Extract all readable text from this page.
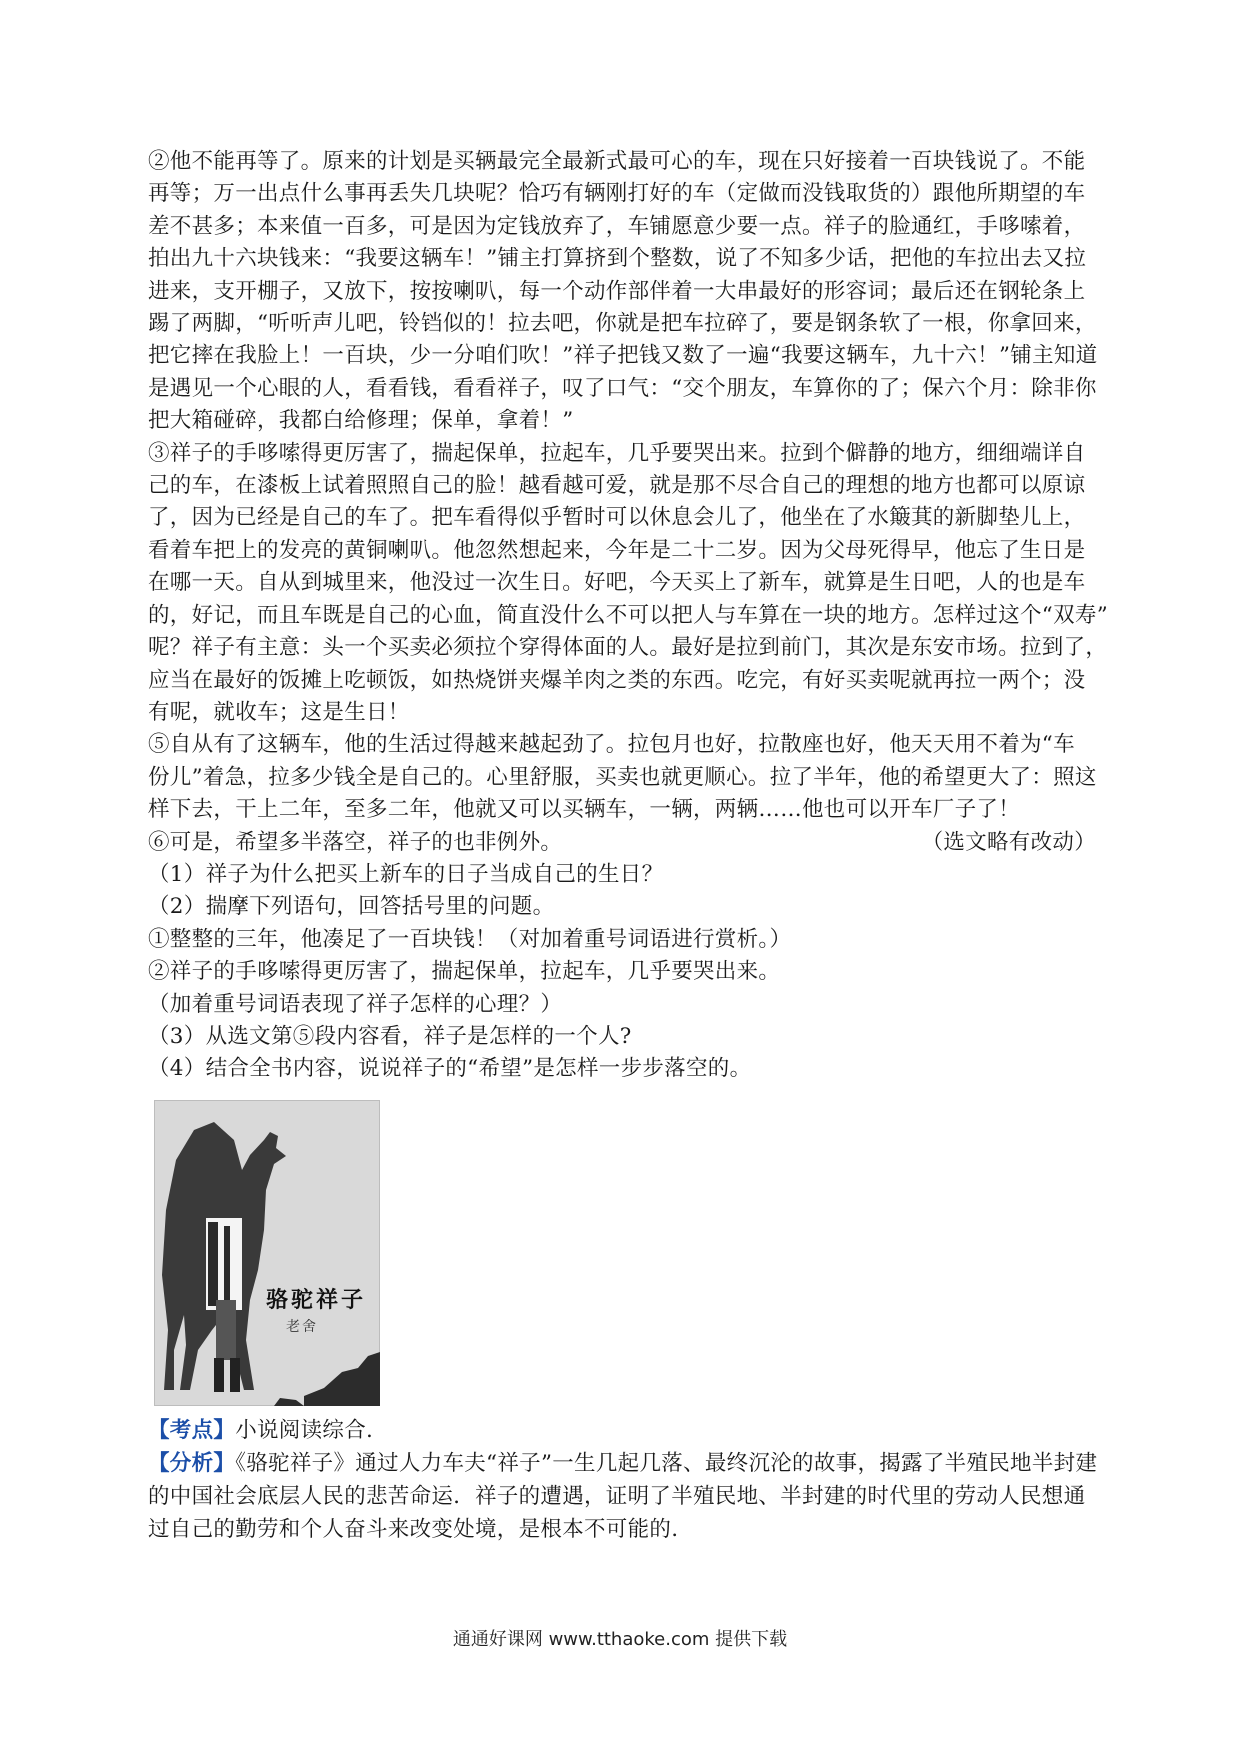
②他不能再等了。原来的计划是买辆最完全最新式最可心的车，现在只好接着一百块钱说了。不能

再等；万一出点什么事再丢失几块呢？恰巧有辆刚打好的车（定做而没钱取货的）跟他所期望的车

差不甚多；本来值一百多，可是因为定钱放弃了，车铺愿意少要一点。祥子的脸通红，手哆嗦着，

拍出九十六块钱来：“我要这辆车！”铺主打算挤到个整数，说了不知多少话，把他的车拉出去又拉

进来，支开棚子，又放下，按按喇叭，每一个动作部伴着一大串最好的形容词；最后还在钢轮条上

踢了两脚，“听听声儿吧，铃铛似的！拉去吧，你就是把车拉碎了，要是钢条软了一根，你拿回来，

把它摔在我脸上！一百块，少一分咱们吹！”祥子把钱又数了一遍“我要这辆车，九十六！”铺主知道

是遇见一个心眼的人，看看钱，看看祥子，叹了口气：“交个朋友，车算你的了；保六个月：除非你

把大箱碰碎，我都白给修理；保单，拿着！”

③祥子的手哆嗦得更厉害了，揣起保单，拉起车，几乎要哭出来。拉到个僻静的地方，细细端详自

己的车，在漆板上试着照照自己的脸！越看越可爱，就是那不尽合自己的理想的地方也都可以原谅

了，因为已经是自己的车了。把车看得似乎暂时可以休息会儿了，他坐在了水簸萁的新脚垫儿上，

看着车把上的发亮的黄铜喇叭。他忽然想起来，今年是二十二岁。因为父母死得早，他忘了生日是

在哪一天。自从到城里来，他没过一次生日。好吧，今天买上了新车，就算是生日吧，人的也是车

的，好记，而且车既是自己的心血，简直没什么不可以把人与车算在一块的地方。怎样过这个“双寿”

呢？祥子有主意：头一个买卖必须拉个穿得体面的人。最好是拉到前门，其次是东安市场。拉到了，

应当在最好的饭摊上吃顿饭，如热烧饼夹爆羊肉之类的东西。吃完，有好买卖呢就再拉一两个；没

有呢，就收车；这是生日！

⑤自从有了这辆车，他的生活过得越来越起劲了。拉包月也好，拉散座也好，他天天用不着为“车

份儿”着急，拉多少钱全是自己的。心里舒服，买卖也就更顺心。拉了半年，他的希望更大了：照这

样下去，干上二年，至多二年，他就又可以买辆车，一辆，两辆……他也可以开车厂子了！

⑥可是，希望多半落空，祥子的也非例外。	（选文略有改动）

（1）祥子为什么把买上新车的日子当成自己的生日？

（2）揣摩下列语句，回答括号里的问题。

①整整的三年，他凑足了一百块钱！（对加着重号词语进行赏析。）

②祥子的手哆嗦得更厉害了，揣起保单，拉起车，几乎要哭出来。

（加着重号词语表现了祥子怎样的心理？）

（3）从选文第⑤段内容看，祥子是怎样的一个人?

（4）结合全书内容，说说祥子的“希望”是怎样一步步落空的。

骆驼祥子
老舍

【考点】小说阅读综合.

【分析】《骆驼祥子》通过人力车夫“祥子”一生几起几落、最终沉沦的故事，揭露了半殖民地半封建

的中国社会底层人民的悲苦命运．祥子的遭遇，证明了半殖民地、半封建的时代里的劳动人民想通

过自己的勤劳和个人奋斗来改变处境，是根本不可能的.

通通好课网 www.tthaoke.com 提供下载
